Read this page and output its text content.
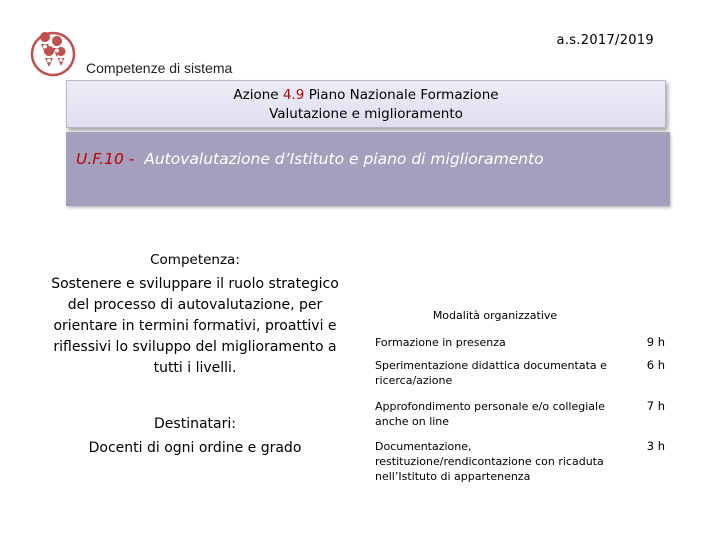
a.s.2017/2019
Competenze di sistema
Azione 4.9 Piano Nazionale Formazione
Valutazione e miglioramento
U.F.10 - Autovalutazione d’Istituto e piano di miglioramento
Competenza:
Sostenere e sviluppare il ruolo strategico del processo di autovalutazione, per orientare in termini formativi, proattivi e riflessivi lo sviluppo del miglioramento a tutti i livelli.
Destinatari:
Docenti di ogni ordine e grado
Modalità organizzative
Formazione in presenza	9 h
Sperimentazione didattica documentata e ricerca/azione
6 h
Approfondimento personale e/o collegiale anche on line
7 h
Documentazione, restituzione/rendicontazione con ricaduta nell’Istituto di appartenenza
3 h
